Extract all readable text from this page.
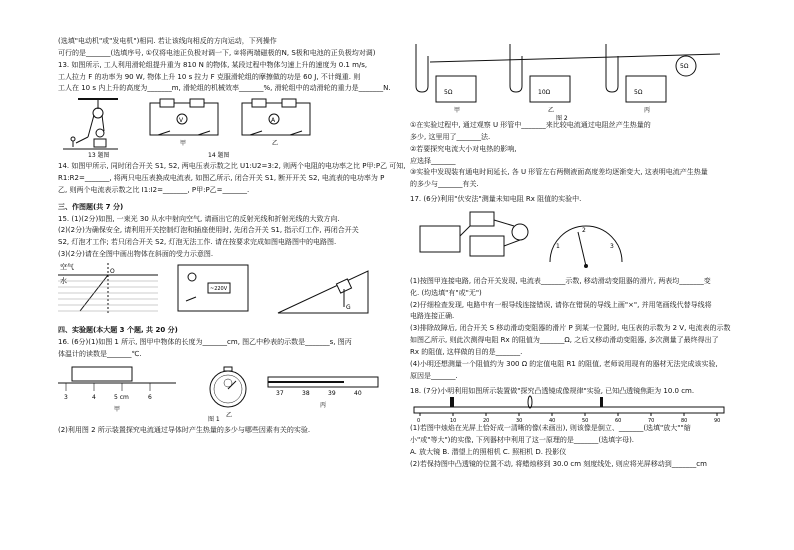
(选填"电动机"或"发电机")相同. 若让该线向相反的方向运动，下列操作
可行的是_______(选填序号, ①仅将电池正负极对调一下, ②将两端磁极的N, S极和电池的正负极均对调)
13. 如图所示, 工人利用滑轮组提升重为 810 N 的物体, 某段过程中物体匀速上升的速度为 0.1 m/s,
工人拉力 F 的功率为 90 W, 物体上升 10 s 拉力 F 克服滑轮组的摩擦做的功是 60 J, 不计绳重. 则
工人在 10 s 内上升的高度为_______m, 滑轮组的机械效率_______%, 滑轮组中的动滑轮的重力是_______N.
V
甲
A
乙
13 题图	14 题图
14. 如图甲所示, 同时闭合开关 S1, S2, 两电压表示数之比 U1:U2=3:2, 则两个电阻的电功率之比 P甲:P乙 可知,
R1:R2=_______, 将两只电压表换成电流表, 如图乙所示, 闭合开关 S1, 断开开关 S2, 电流表的电功率为 P
乙, 则两个电流表示数之比 I1:I2=_______, P甲:P乙=_______.
三、作图题(共 7 分)
15. (1)(2分)如图, 一束光 30 从水中射向空气, 请画出它的反射光线和折射光线的大致方向.
(2)(2分)为确保安全, 请利用开关控制灯泡和插座使用时, 先闭合开关 S1, 指示灯工作, 再闭合开关
S2, 灯泡才工作; 若只闭合开关 S2, 灯泡无法工作. 请在按要求完成如图电路图中的电路图.
(3)(2分)请在全图中画出物体在斜面的受力示意图.
空气
水
O
~220V
G
四、实验题(本大题 3 个题, 共 20 分)
16. (6分)(1)如图 1 所示, 图甲中物体的长度为_______cm, 图乙中秒表的示数是_______s, 图丙
体温计的读数是_______℃.
3	4	5 cm	6
甲
乙
37	38	39	40
丙
图 1
(2)利用图 2 所示装置探究电流通过导体时产生热量的多少与哪些因素有关的实验.
5Ω	10Ω	5Ω
5Ω
甲	乙	丙
图 2
①在实验过程中, 通过观察 U 形管中_______来比较电流通过电阻丝产生热量的
多少, 这里用了_______法.
②若要探究电流大小对电热的影响,
应选择_______
③实验中发现装有通电时间延长, 各 U 形管左右两侧液面高度差均逐渐变大, 这表明电流产生热量
的多少与_______有关.
17. (6分)利用"伏安法"测量未知电阻 Rx 阻值的实验中.
1
2
3
(1)按图甲连接电路, 闭合开关发现, 电流表_______示数, 移动滑动变阻器的滑片, 两表均_______变
化. (均选填"有"或"无")
(2)仔细检查发现, 电路中有一根导线连接错误, 请你在错误的导线上画"×", 并用笔画线代替导线将
电路连接正确.
(3)排除故障后, 闭合开关 S 移动滑动变阻器的滑片 P 到某一位置时, 电压表的示数为 2 V, 电流表的示数
如图乙所示, 则此次测得电阻 Rx 的阻值为_______Ω, 之后又移动滑动变阻器, 多次测量了最终得出了
Rx 的阻值, 这样做的目的是_______.
(4)小明还想测量一个阻值约为 300 Ω 的定值电阻 R1 的阻值, 老师说用现有的器材无法完成该实验,
原因是_______.
18. (7分)小明利用如图所示装置做"探究凸透镜成像规律"实验, 已知凸透镜焦距为 10.0 cm.
0	10	20	30	40	50	60	70	80	90
(1)若图中烛焰在光屏上恰好成一清晰的像(未画出), 则该像是倒立、_______(选填"放大""缩
小"或"等大")的实像, 下列器材中利用了这一原理的是_______(选填字母).
A. 放大镜 B. 潜望上的照相机 C. 照相机 D. 投影仪
(2)若保持图中凸透镜的位置不动, 将蜡烛移到 30.0 cm 刻度线处, 则应将光屏移动到_______cm
